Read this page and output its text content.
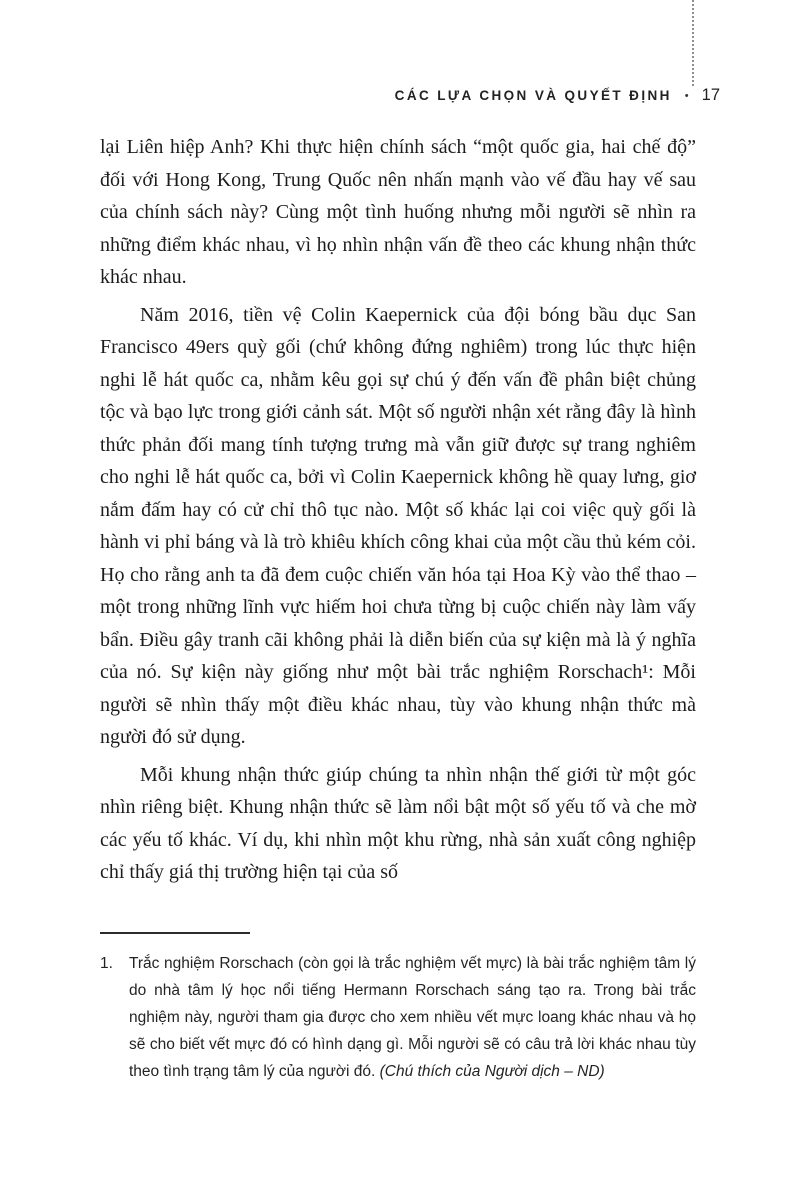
CÁC LỰA CHỌN VÀ QUYẾT ĐỊNH • 17

lại Liên hiệp Anh? Khi thực hiện chính sách “một quốc gia, hai chế độ” đối với Hong Kong, Trung Quốc nên nhấn mạnh vào vế đầu hay vế sau của chính sách này? Cùng một tình huống nhưng mỗi người sẽ nhìn ra những điểm khác nhau, vì họ nhìn nhận vấn đề theo các khung nhận thức khác nhau.

Năm 2016, tiền vệ Colin Kaepernick của đội bóng bầu dục San Francisco 49ers quỳ gối (chứ không đứng nghiêm) trong lúc thực hiện nghi lễ hát quốc ca, nhằm kêu gọi sự chú ý đến vấn đề phân biệt chủng tộc và bạo lực trong giới cảnh sát. Một số người nhận xét rằng đây là hình thức phản đối mang tính tượng trưng mà vẫn giữ được sự trang nghiêm cho nghi lễ hát quốc ca, bởi vì Colin Kaepernick không hề quay lưng, giơ nắm đấm hay có cử chỉ thô tục nào. Một số khác lại coi việc quỳ gối là hành vi phỉ báng và là trò khiêu khích công khai của một cầu thủ kém cỏi. Họ cho rằng anh ta đã đem cuộc chiến văn hóa tại Hoa Kỳ vào thể thao – một trong những lĩnh vực hiếm hoi chưa từng bị cuộc chiến này làm vấy bẩn. Điều gây tranh cãi không phải là diễn biến của sự kiện mà là ý nghĩa của nó. Sự kiện này giống như một bài trắc nghiệm Rorschach¹: Mỗi người sẽ nhìn thấy một điều khác nhau, tùy vào khung nhận thức mà người đó sử dụng.

Mỗi khung nhận thức giúp chúng ta nhìn nhận thế giới từ một góc nhìn riêng biệt. Khung nhận thức sẽ làm nổi bật một số yếu tố và che mờ các yếu tố khác. Ví dụ, khi nhìn một khu rừng, nhà sản xuất công nghiệp chỉ thấy giá thị trường hiện tại của số

1.	Trắc nghiệm Rorschach (còn gọi là trắc nghiệm vết mực) là bài trắc nghiệm tâm lý do nhà tâm lý học nổi tiếng Hermann Rorschach sáng tạo ra. Trong bài trắc nghiệm này, người tham gia được cho xem nhiều vết mực loang khác nhau và họ sẽ cho biết vết mực đó có hình dạng gì. Mỗi người sẽ có câu trả lời khác nhau tùy theo tình trạng tâm lý của người đó. (Chú thích của Người dịch – ND)
